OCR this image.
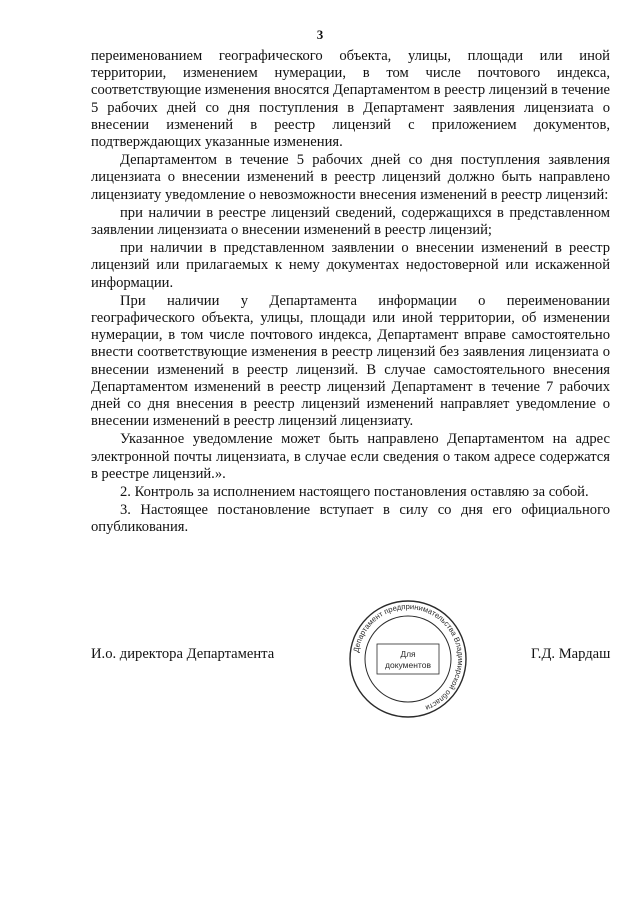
3

переименованием географического объекта, улицы, площади или иной территории, изменением нумерации, в том числе почтового индекса, соответствующие изменения вносятся Департаментом в реестр лицензий в течение 5 рабочих дней со дня поступления в Департамент заявления лицензиата о внесении изменений в реестр лицензий с приложением документов, подтверждающих указанные изменения.

Департаментом в течение 5 рабочих дней со дня поступления заявления лицензиата о внесении изменений в реестр лицензий должно быть направлено лицензиату уведомление о невозможности внесения изменений в реестр лицензий:

при наличии в реестре лицензий сведений, содержащихся в представленном заявлении лицензиата о внесении изменений в реестр лицензий;

при наличии в представленном заявлении о внесении изменений в реестр лицензий или прилагаемых к нему документах недостоверной или искаженной информации.

При наличии у Департамента информации о переименовании географического объекта, улицы, площади или иной территории, об изменении нумерации, в том числе почтового индекса, Департамент вправе самостоятельно внести соответствующие изменения в реестр лицензий без заявления лицензиата о внесении изменений в реестр лицензий. В случае самостоятельного внесения Департаментом изменений в реестр лицензий Департамент в течение 7 рабочих дней со дня внесения в реестр лицензий изменений направляет уведомление о внесении изменений в реестр лицензий лицензиату.

Указанное уведомление может быть направлено Департаментом на адрес электронной почты лицензиата, в случае если сведения о таком адресе содержатся в реестре лицензий.».

2. Контроль за исполнением настоящего постановления оставляю за собой.

3. Настоящее постановление вступает в силу со дня его официального опубликования.

И.о. директора Департамента	Г.Д. Мардаш
Департамент предпринимательства Владимирской области
Для
документов
